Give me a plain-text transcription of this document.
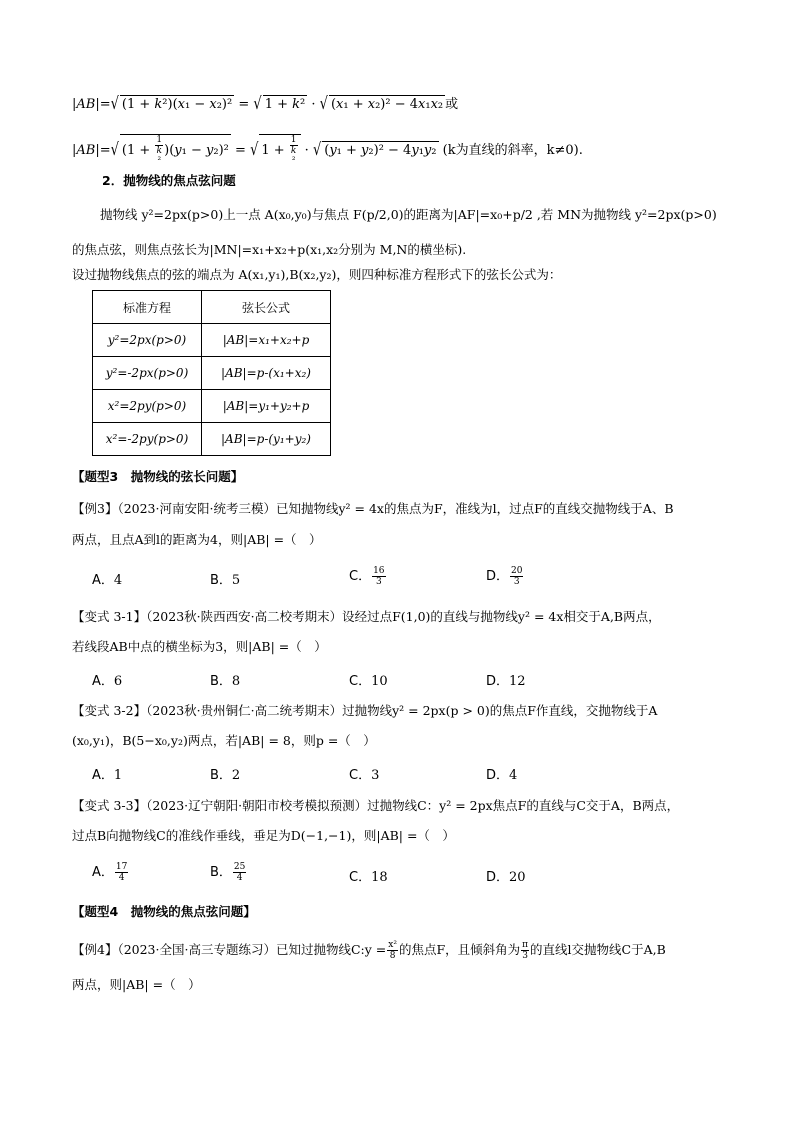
|AB|=√ (1 + k²)(x₁ − x₂)² = √ 1 + k² · √ (x₁ + x₂)² − 4x₁x₂ 或
|AB|=√ (1 + 1
k
² )(y₁ − y₂)² = √ 1 + 1
k
² · √ (y₁ + y₂)² − 4y₁y₂ (k为直线的斜率，k≠0).
2．抛物线的焦点弦问题
抛物线 y²=2px(p>0)上一点 A(x₀,y₀)与焦点 F(p/2,0)的距离为|AF|=x₀+p/2 ,若 MN为抛物线 y²=2px(p>0)
的焦点弦，则焦点弦长为|MN|=x₁+x₂+p(x₁,x₂分别为 M,N的横坐标).
设过抛物线焦点的弦的端点为 A(x₁,y₁),B(x₂,y₂)，则四种标准方程形式下的弦长公式为：
标准方程	弦长公式
y²=2px(p>0)	|AB|=x₁+x₂+p
y²=-2px(p>0)	|AB|=p-(x₁+x₂)
x²=2py(p>0)	|AB|=y₁+y₂+p
x²=-2py(p>0)	|AB|=p-(y₁+y₂)
【题型3　抛物线的弦长问题】
【例3】（2023·河南安阳·统考三模）已知抛物线y² = 4x的焦点为F，准线为l，过点F的直线交抛物线于A、B
两点，且点A到l的距离为4，则|AB| =（　）
A．4	B．5	C． $\frac{16}{3}$	D． $\frac{20}{3}$
【变式 3-1】（2023秋·陕西西安·高二校考期末）设经过点F(1,0)的直线与抛物线y² = 4x相交于A,B两点，
若线段AB中点的横坐标为3，则|AB| =（　）
A．6	B．8	C．10	D．12
【变式 3-2】（2023秋·贵州铜仁·高二统考期末）过抛物线y² = 2px(p > 0)的焦点F作直线，交抛物线于A
(x₀,y₁)，B(5−x₀,y₂)两点，若|AB| = 8，则p =（　）
A．1	B．2	C．3	D．4
【变式 3-3】（2023·辽宁朝阳·朝阳市校考模拟预测）过抛物线C：y² = 2px焦点F的直线与C交于A，B两点，
过点B向抛物线C的准线作垂线，垂足为D(−1,−1)，则|AB| =（　）
A． $\frac{17}{4}$	B． $\frac{25}{4}$	C．18	D．20
【题型4　抛物线的焦点弦问题】
【例4】（2023·全国·高三专题练习）已知过抛物线C:y = $\frac{\text{x²}}{8}$ 的焦点F，且倾斜角为 $\frac{\pi}{3}$ 的直线l交抛物线C于A,B
两点，则|AB| =（　）
